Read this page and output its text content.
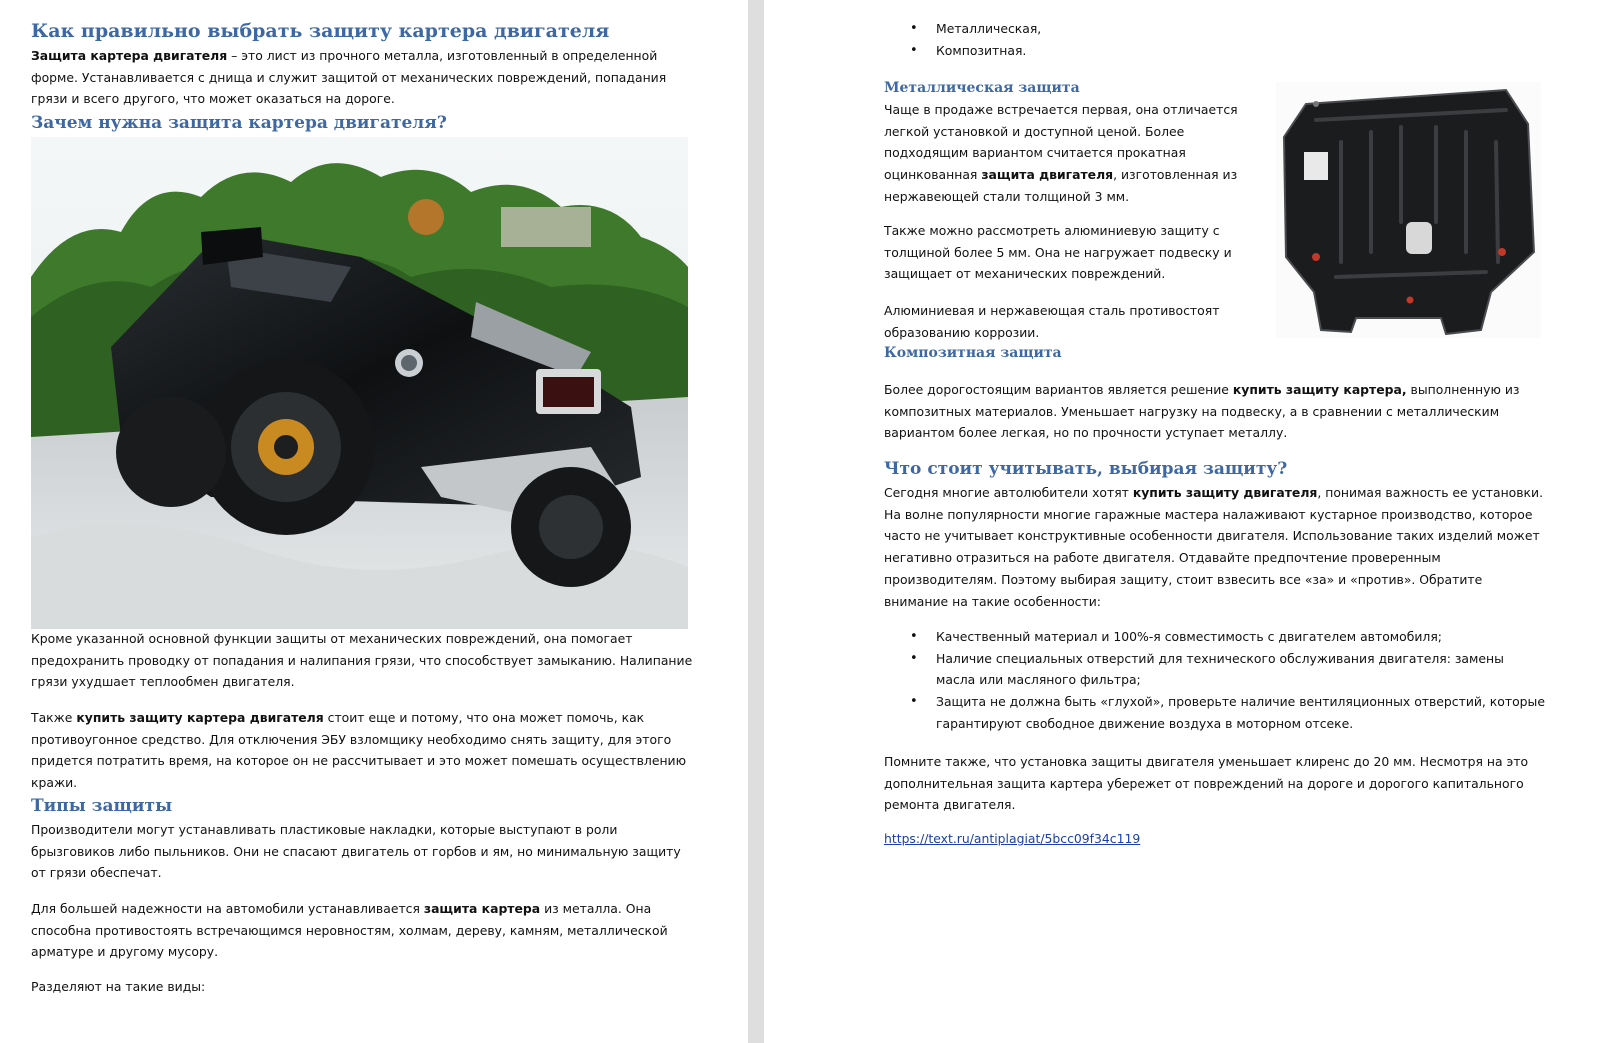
Как правильно выбрать защиту картера двигателя

Защита картера двигателя – это лист из прочного металла, изготовленный в определенной

форме. Устанавливается с днища и служит защитой от механических повреждений, попадания

грязи и всего другого, что может оказаться на дороге.

Зачем нужна защита картера двигателя?

Кроме указанной основной функции защиты от механических повреждений, она помогает

предохранить проводку от попадания и налипания грязи, что способствует замыканию. Налипание

грязи ухудшает теплообмен двигателя.

Также купить защиту картера двигателя стоит еще и потому, что она может помочь, как

противоугонное средство. Для отключения ЭБУ взломщику необходимо снять защиту, для этого

придется потратить время, на которое он не рассчитывает и это может помешать осуществлению

кражи.

Типы защиты

Производители могут устанавливать пластиковые накладки, которые выступают в роли

брызговиков либо пыльников. Они не спасают двигатель от горбов и ям, но минимальную защиту

от грязи обеспечат.

Для большей надежности на автомобили устанавливается защита картера из металла. Она

способна противостоять встречающимся неровностям, холмам, дереву, камням, металлической

арматуре и другому мусору.

Разделяют на такие виды:

• Металлическая,
• Композитная.
Металлическая защита

Чаще в продаже встречается первая, она отличается

легкой установкой и доступной ценой. Более

подходящим вариантом считается прокатная

оцинкованная защита двигателя, изготовленная из

нержавеющей стали толщиной 3 мм.

Также можно рассмотреть алюминиевую защиту с

толщиной более 5 мм. Она не нагружает подвеску и

защищает от механических повреждений.

Алюминиевая и нержавеющая сталь противостоят

образованию коррозии.

Композитная защита

Более дорогостоящим вариантов является решение купить защиту картера, выполненную из

композитных материалов. Уменьшает нагрузку на подвеску, а в сравнении с металлическим

вариантом более легкая, но по прочности уступает металлу.

Что стоит учитывать, выбирая защиту?

Сегодня многие автолюбители хотят купить защиту двигателя, понимая важность ее установки.

На волне популярности многие гаражные мастера налаживают кустарное производство, которое

часто не учитывает конструктивные особенности двигателя. Использование таких изделий может

негативно отразиться на работе двигателя. Отдавайте предпочтение проверенным

производителям. Поэтому выбирая защиту, стоит взвесить все «за» и «против». Обратите

внимание на такие особенности:

• Качественный материал и 100%-я совместимость с двигателем автомобиля;
• Наличие специальных отверстий для технического обслуживания двигателя: замены
масла или масляного фильтра;
• Защита не должна быть «глухой», проверьте наличие вентиляционных отверстий, которые
гарантируют свободное движение воздуха в моторном отсеке.

Помните также, что установка защиты двигателя уменьшает клиренс до 20 мм. Несмотря на это

дополнительная защита картера убережет от повреждений на дороге и дорогого капитального

ремонта двигателя.

https://text.ru/antiplagiat/5bcc09f34c119
